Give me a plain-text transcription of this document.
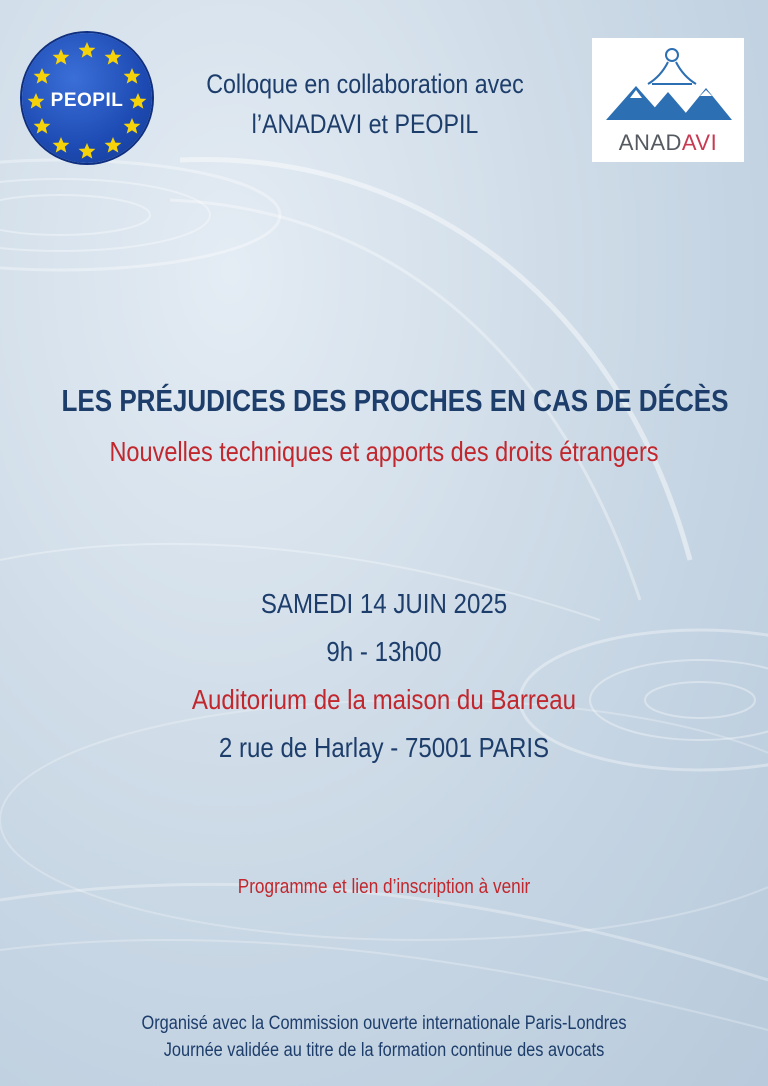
PEOPIL
Colloque en collaboration avec
l’ANADAVI et PEOPIL
ANADAVI
LES PRÉJUDICES DES PROCHES EN CAS DE DÉCÈS
Nouvelles techniques et apports des droits étrangers
SAMEDI 14 JUIN 2025
9h - 13h00
Auditorium de la maison du Barreau
2 rue de Harlay - 75001 PARIS
Programme et lien d’inscription à venir
Organisé avec la Commission ouverte internationale Paris-Londres
Journée validée au titre de la formation continue des avocats
